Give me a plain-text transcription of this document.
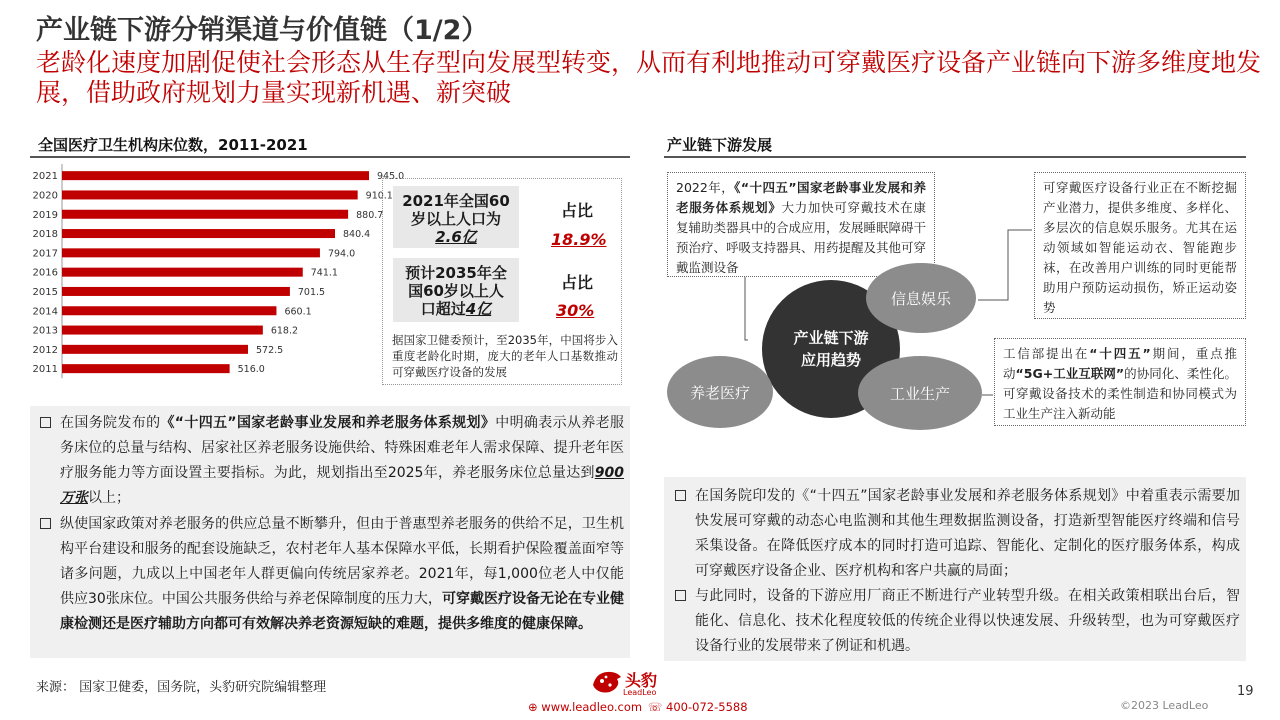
产业链下游分销渠道与价值链（1/2）
老龄化速度加剧促使社会形态从生存型向发展型转变，从而有利地推动可穿戴医疗设备产业链向下游多维度地发展，借助政府规划力量实现新机遇、新突破
全国医疗卫生机构床位数，2011-2021
2021	945.0
2020	910.1
2019	880.7
2018	840.4
2017	794.0
2016	741.1
2015	701.5
2014	660.1
2013	618.2
2012	572.5
2011	516.0
2021年全国60
岁以上人口为
2.6亿
占比
18.9%
预计2035年全
国60岁以上人
口超过4亿
占比
30%
据国家卫健委预计，至2035年，中国将步入重度老龄化时期，庞大的老年人口基数推动可穿戴医疗设备的发展
在国务院发布的《“十四五”国家老龄事业发展和养老服务体系规划》中明确表示从养老服务床位的总量与结构、居家社区养老服务设施供给、特殊困难老年人需求保障、提升老年医疗服务能力等方面设置主要指标。为此，规划指出至2025年，养老服务床位总量达到900万张以上；
纵使国家政策对养老服务的供应总量不断攀升，但由于普惠型养老服务的供给不足，卫生机构平台建设和服务的配套设施缺乏，农村老年人基本保障水平低，长期看护保险覆盖面窄等诸多问题，九成以上中国老年人群更偏向传统居家养老。2021年，每1,000位老人中仅能供应30张床位。中国公共服务供给与养老保障制度的压力大，可穿戴医疗设备无论在专业健康检测还是医疗辅助方向都可有效解决养老资源短缺的难题，提供多维度的健康保障。
产业链下游发展
2022年，《“十四五”国家老龄事业发展和养老服务体系规划》大力加快可穿戴技术在康复辅助类器具中的合成应用，发展睡眠障碍干预治疗、呼吸支持器具、用药提醒及其他可穿戴监测设备
可穿戴医疗设备行业正在不断挖掘产业潜力，提供多维度、多样化、多层次的信息娱乐服务。尤其在运动领域如智能运动衣、智能跑步袜，在改善用户训练的同时更能帮助用户预防运动损伤，矫正运动姿势
工信部提出在“十四五”期间，重点推动“5G+工业互联网”的协同化、柔性化。可穿戴设备技术的柔性制造和协同模式为工业生产注入新动能
产业链下游
应用趋势
信息娱乐
养老医疗	工业生产
在国务院印发的《“十四五”国家老龄事业发展和养老服务体系规划》中着重表示需要加快发展可穿戴的动态心电监测和其他生理数据监测设备，打造新型智能医疗终端和信号采集设备。在降低医疗成本的同时打造可追踪、智能化、定制化的医疗服务体系，构成可穿戴医疗设备企业、医疗机构和客户共赢的局面；
与此同时，设备的下游应用厂商正不断进行产业转型升级。在相关政策相联出台后，智能化、信息化、技术化程度较低的传统企业得以快速发展、升级转型，也为可穿戴医疗设备行业的发展带来了例证和机遇。
来源： 国家卫健委，国务院，头豹研究院编辑整理	头豹
LeadLeo
⊕ www.leadleo.com ☏ 400-072-5588
19
©2023 LeadLeo
